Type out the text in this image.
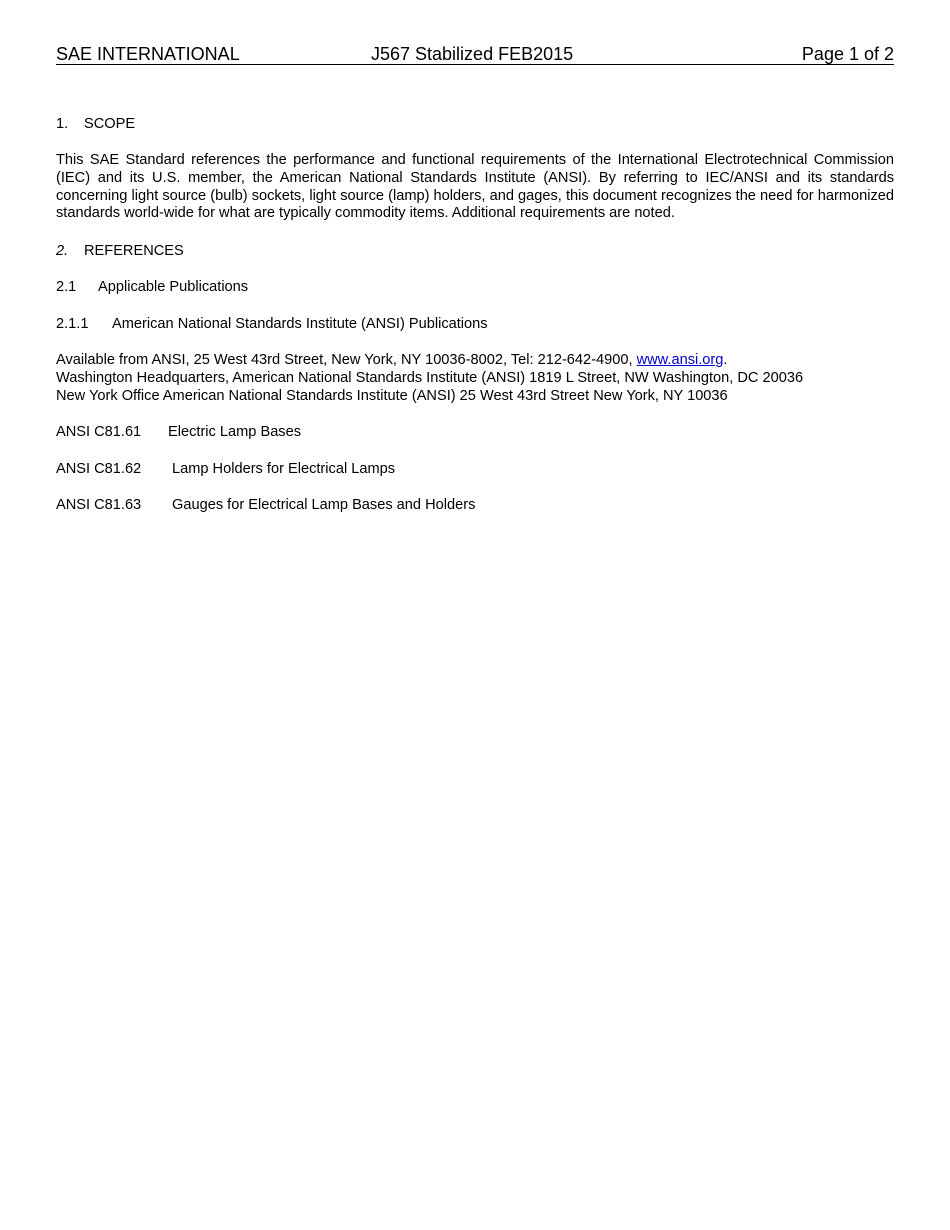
SAE INTERNATIONAL	J567 Stabilized FEB2015	Page 1 of 2
1. SCOPE
This SAE Standard references the performance and functional requirements of the International Electrotechnical Commission (IEC) and its U.S. member, the American National Standards Institute (ANSI). By referring to IEC/ANSI and its standards concerning light source (bulb) sockets, light source (lamp) holders, and gages, this document recognizes the need for harmonized standards world-wide for what are typically commodity items. Additional requirements are noted.
2. REFERENCES
2.1 Applicable Publications
2.1.1 American National Standards Institute (ANSI) Publications
Available from ANSI, 25 West 43rd Street, New York, NY 10036-8002, Tel: 212-642-4900, www.ansi.org.
Washington Headquarters, American National Standards Institute (ANSI) 1819 L Street, NW Washington, DC 20036
New York Office American National Standards Institute (ANSI) 25 West 43rd Street New York, NY 10036
ANSI C81.61 Electric Lamp Bases
ANSI C81.62 Lamp Holders for Electrical Lamps
ANSI C81.63 Gauges for Electrical Lamp Bases and Holders
